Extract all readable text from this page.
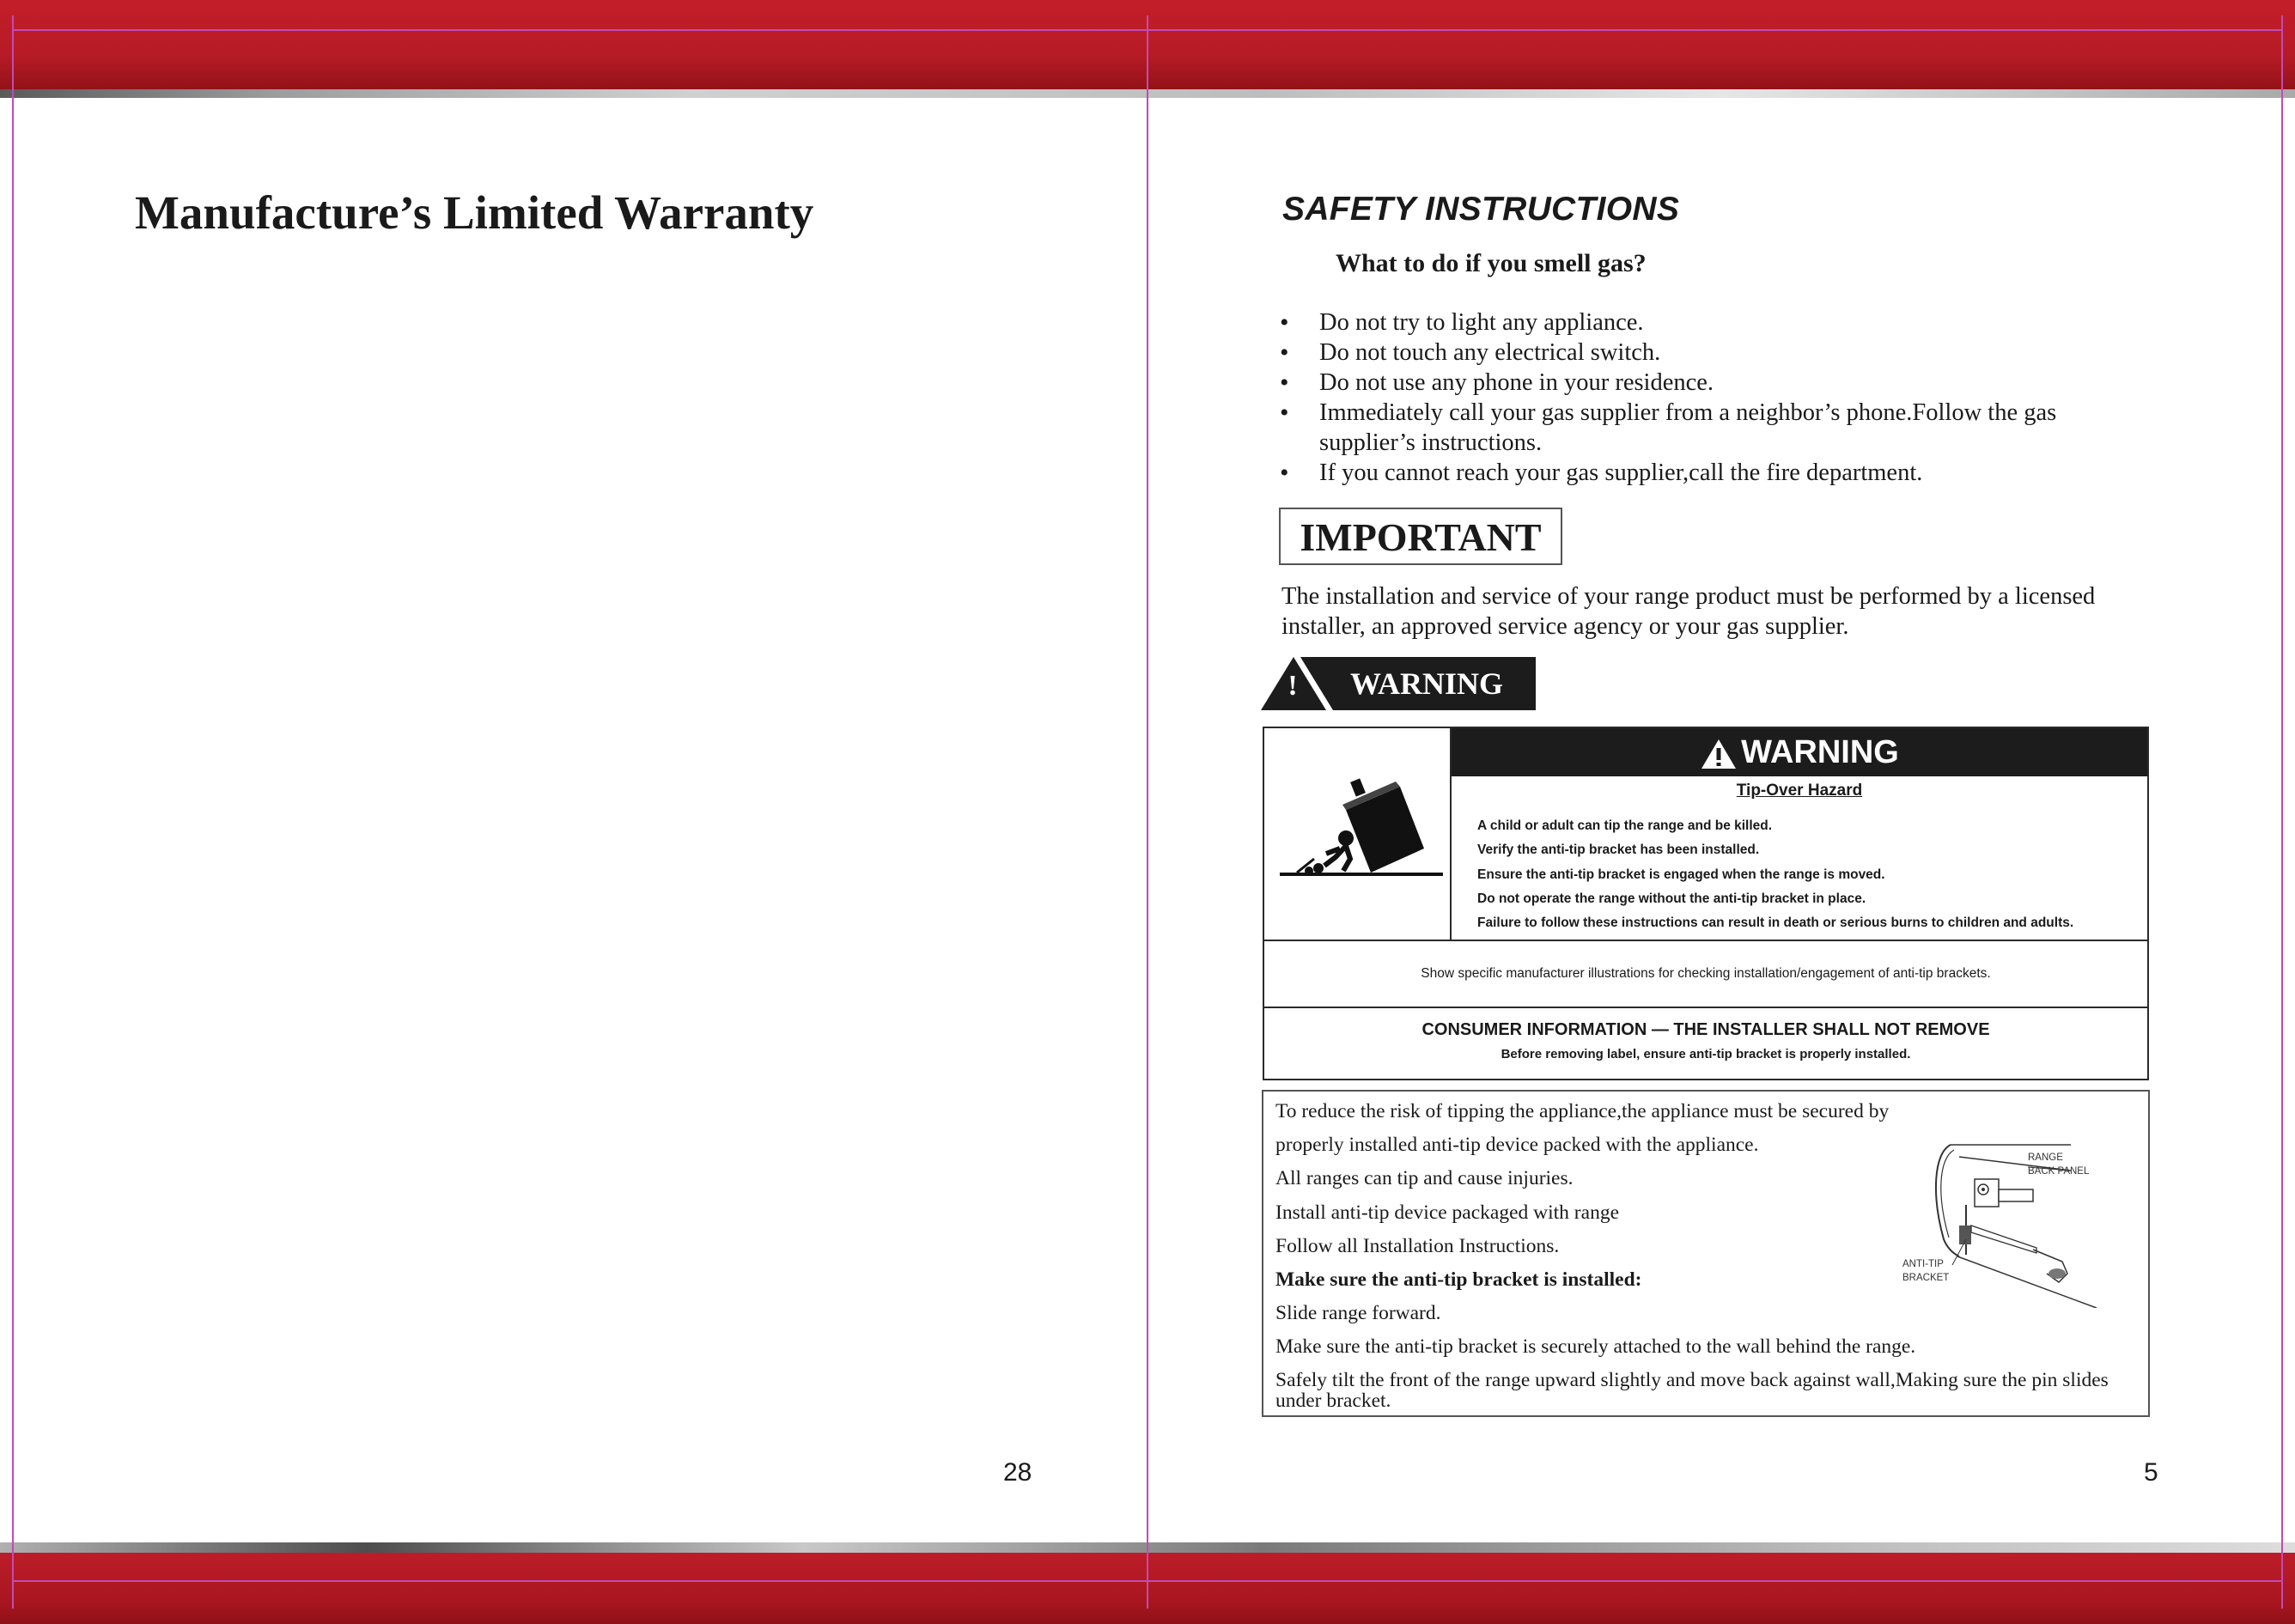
Manufacture’s Limited Warranty
28
SAFETY INSTRUCTIONS
What to do if you smell gas?
• Do not try to light any appliance.
• Do not touch any electrical switch.
• Do not use any phone in your residence.
• Immediately call your gas supplier from a neighbor’s phone.Follow the gas supplier’s instructions.
• If you cannot reach your gas supplier,call the fire department.
IMPORTANT
The installation and service of your range product must be performed by a licensed installer, an approved service agency or your gas supplier.
! WARNING
WARNING
Tip-Over Hazard
A child or adult can tip the range and be killed.
Verify the anti-tip bracket has been installed.
Ensure the anti-tip bracket is engaged when the range is moved.
Do not operate the range without the anti-tip bracket in place.
Failure to follow these instructions can result in death or serious burns to children and adults.
Show specific manufacturer illustrations for checking installation/engagement of anti-tip brackets.
CONSUMER INFORMATION — THE INSTALLER SHALL NOT REMOVE
Before removing label, ensure anti-tip bracket is properly installed.
To reduce the risk of tipping the appliance,the appliance must be secured by
properly installed anti-tip device packed with the appliance.
All ranges can tip and cause injuries.
Install anti-tip device packaged with range
Follow all Installation Instructions.
Make sure the anti-tip bracket is installed:
Slide range forward.
Make sure the anti-tip bracket is securely attached to the wall behind the range.
Safely tilt the front of the range upward slightly and move back against wall,Making sure the pin slides under bracket.
RANGE
BACK PANEL
ANTI-TIP
BRACKET
5
